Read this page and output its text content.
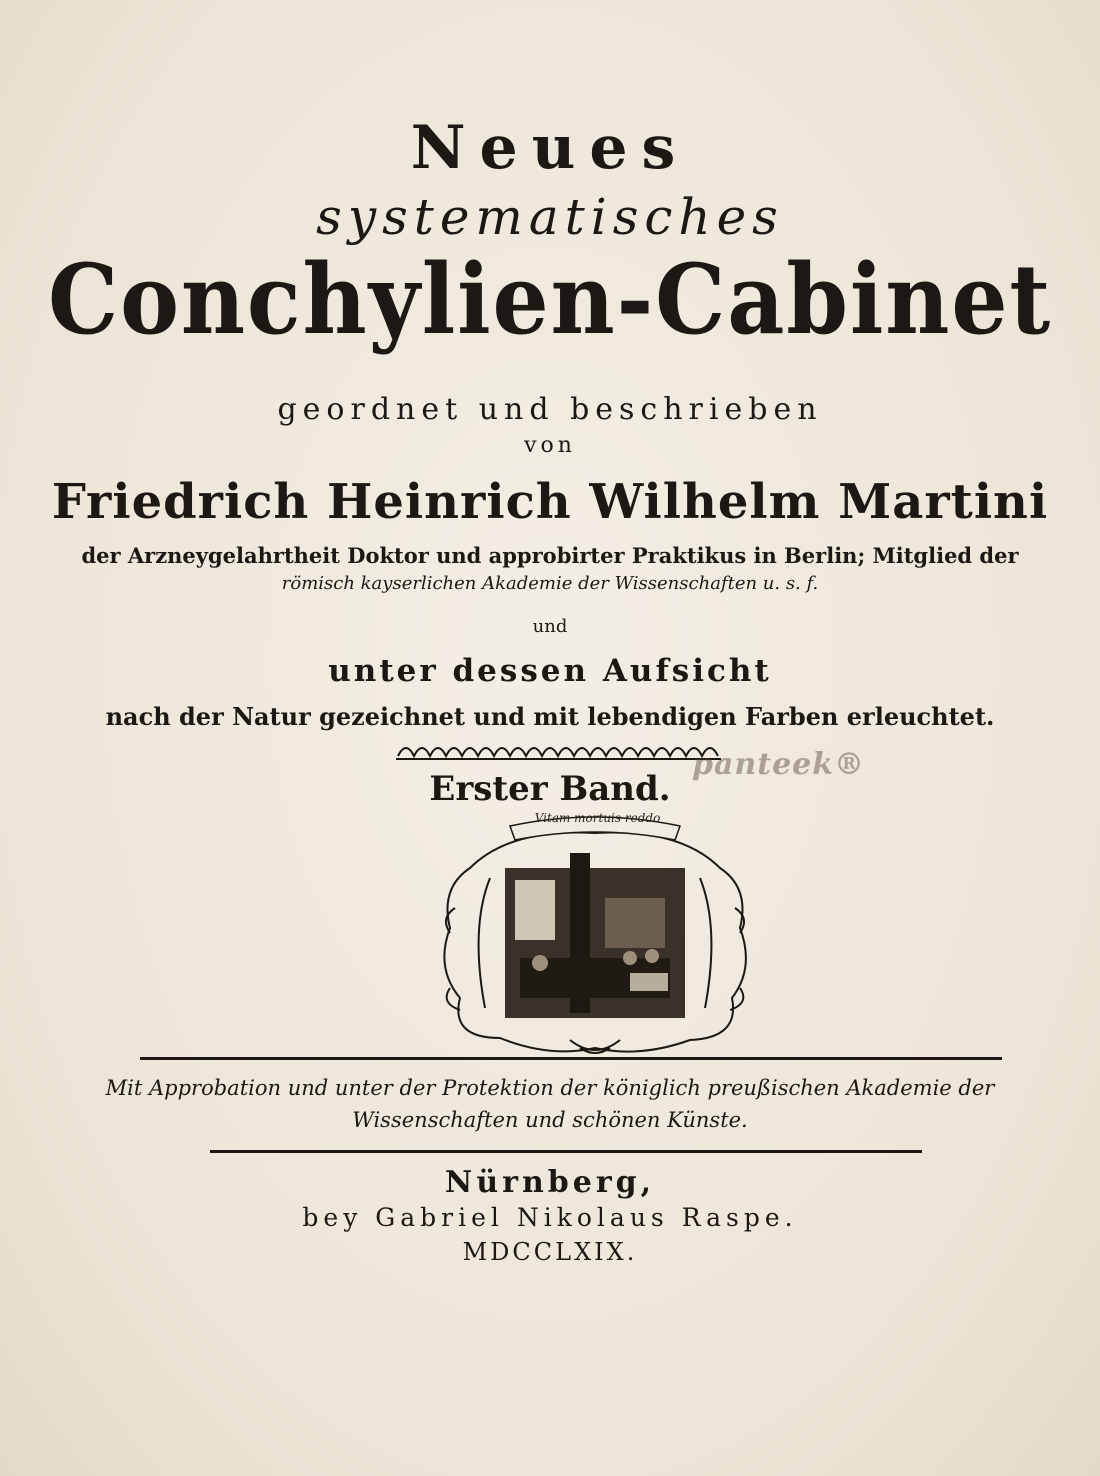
Neues
systematisches
Conchylien-Cabinet
geordnet und beschrieben
von
Friedrich Heinrich Wilhelm Martini
der Arzneygelahrtheit Doktor und approbirter Praktikus in Berlin; Mitglied der
römisch kayserlichen Akademie der Wissenschaften u. s. f.
und
unter dessen Aufsicht
nach der Natur gezeichnet und mit lebendigen Farben erleuchtet.
Erster Band.
panteek®
Vitam mortuis reddo
Mit Approbation und unter der Protektion der königlich preußischen Akademie der
Wissenschaften und schönen Künste.
Nürnberg,
bey Gabriel Nikolaus Raspe.
MDCCLXIX.
